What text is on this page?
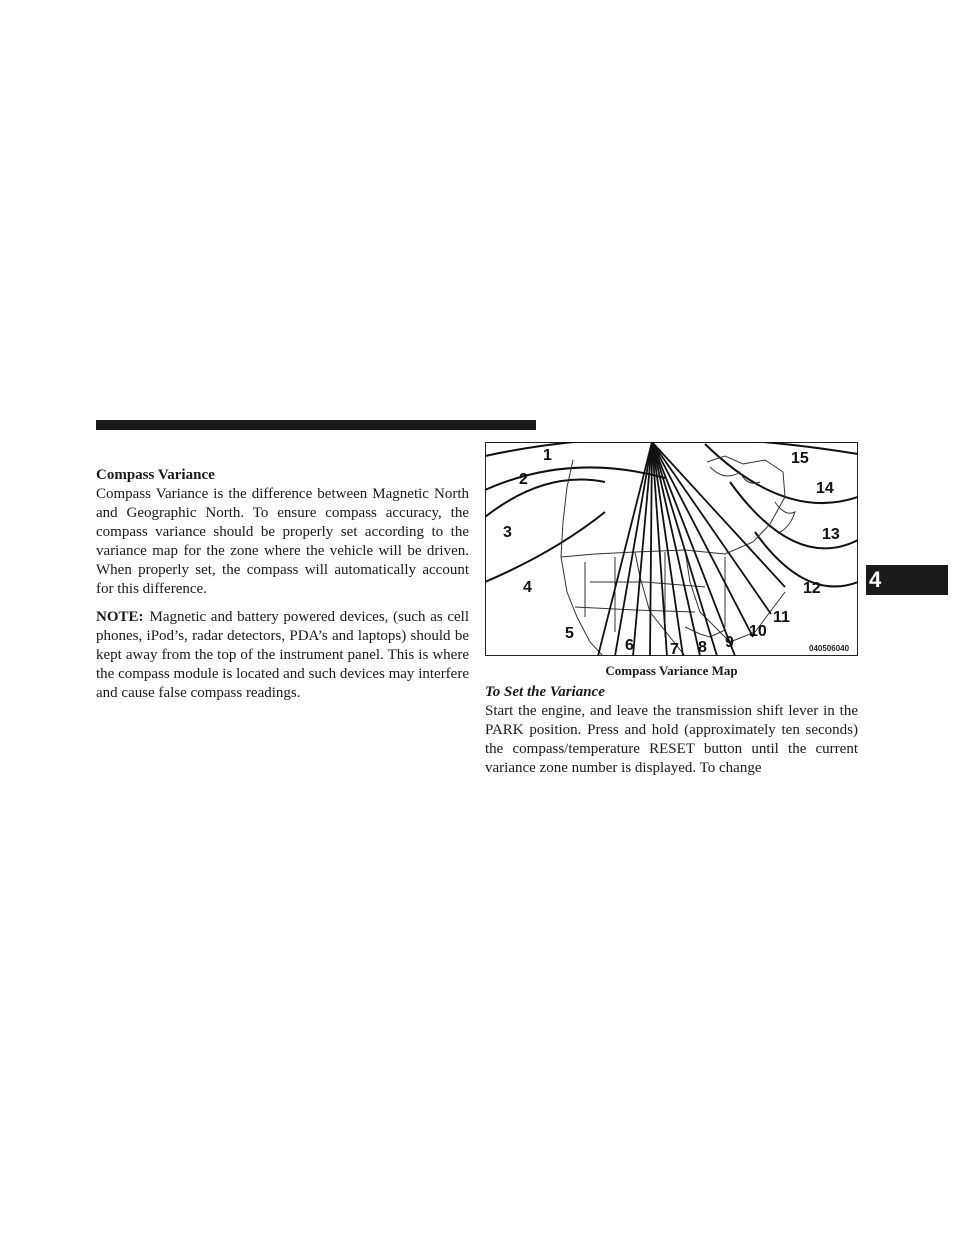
Compass Variance

Compass Variance is the difference between Magnetic North and Geographic North. To ensure compass accuracy, the compass variance should be properly set according to the variance map for the zone where the vehicle will be driven. When properly set, the compass will automatically account for this difference.

NOTE: Magnetic and battery powered devices, (such as cell phones, iPod’s, radar detectors, PDA’s and laptops) should be kept away from the top of the instrument panel. This is where the compass module is located and such devices may interfere and cause false compass readings.

1
2
3
4
5
6 7 8 9
10
11
12
13
14
15
040506040
Compass Variance Map
To Set the Variance

Start the engine, and leave the transmission shift lever in the PARK position. Press and hold (approximately ten seconds) the compass/temperature RESET button until the current variance zone number is displayed. To change

4
